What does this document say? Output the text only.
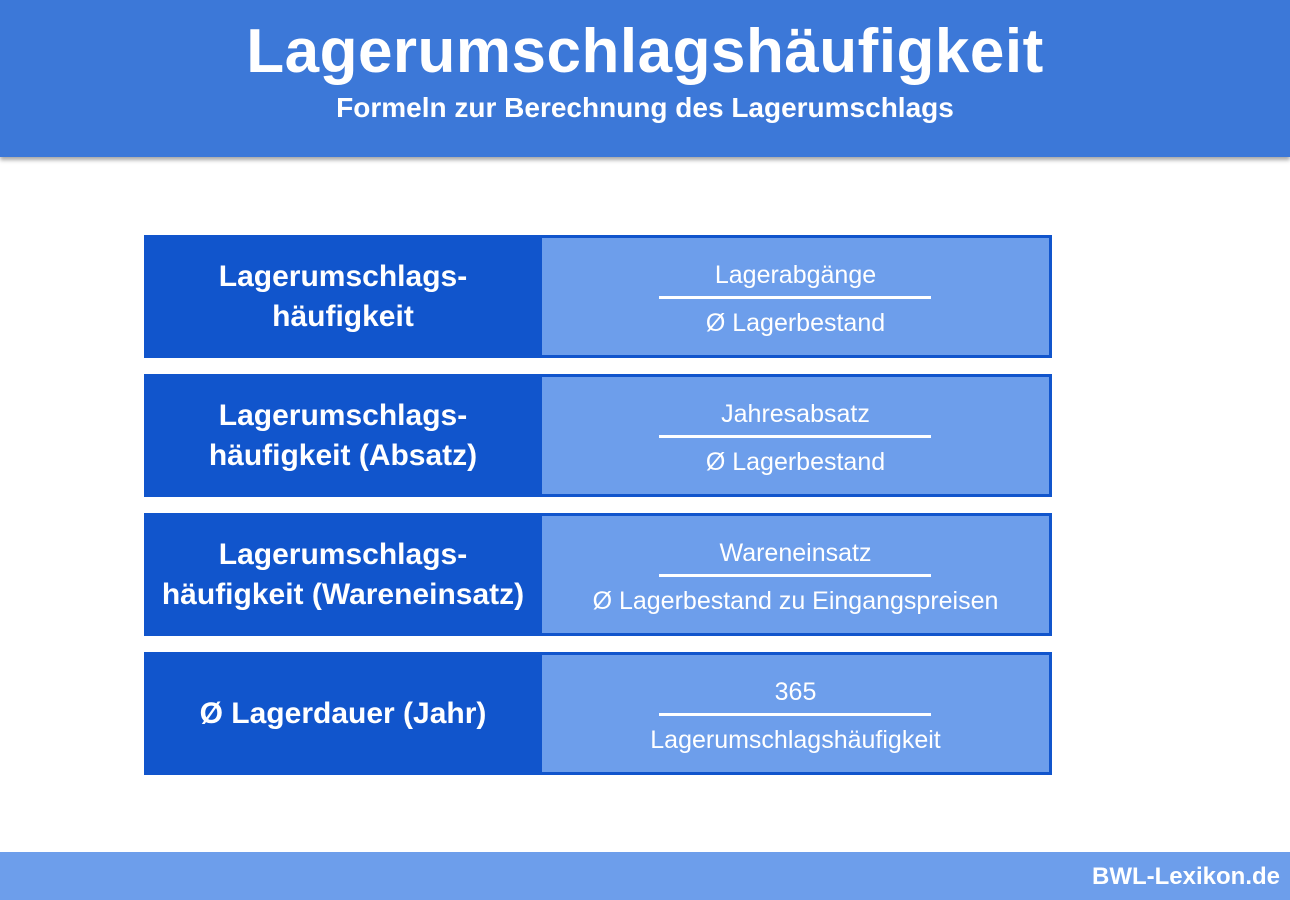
Lagerumschlagshäufigkeit
Formeln zur Berechnung des Lagerumschlags
Lagerumschlags-
häufigkeit	$\frac{\text{Lagerabgänge}}{\text{Ø Lagerbestand}}$
Lagerumschlags-
häufigkeit (Absatz)	$\frac{\text{Jahresabsatz}}{\text{Ø Lagerbestand}}$
Lagerumschlags-
häufigkeit (Wareneinsatz) $\frac{\text{Wareneinsatz}}{\text{Ø Lagerbestand zu Eingangspreisen}}$
Ø Lagerdauer (Jahr) $\frac{365}{\text{Lagerumschlagshäufigkeit}}$
BWL-Lexikon.de
